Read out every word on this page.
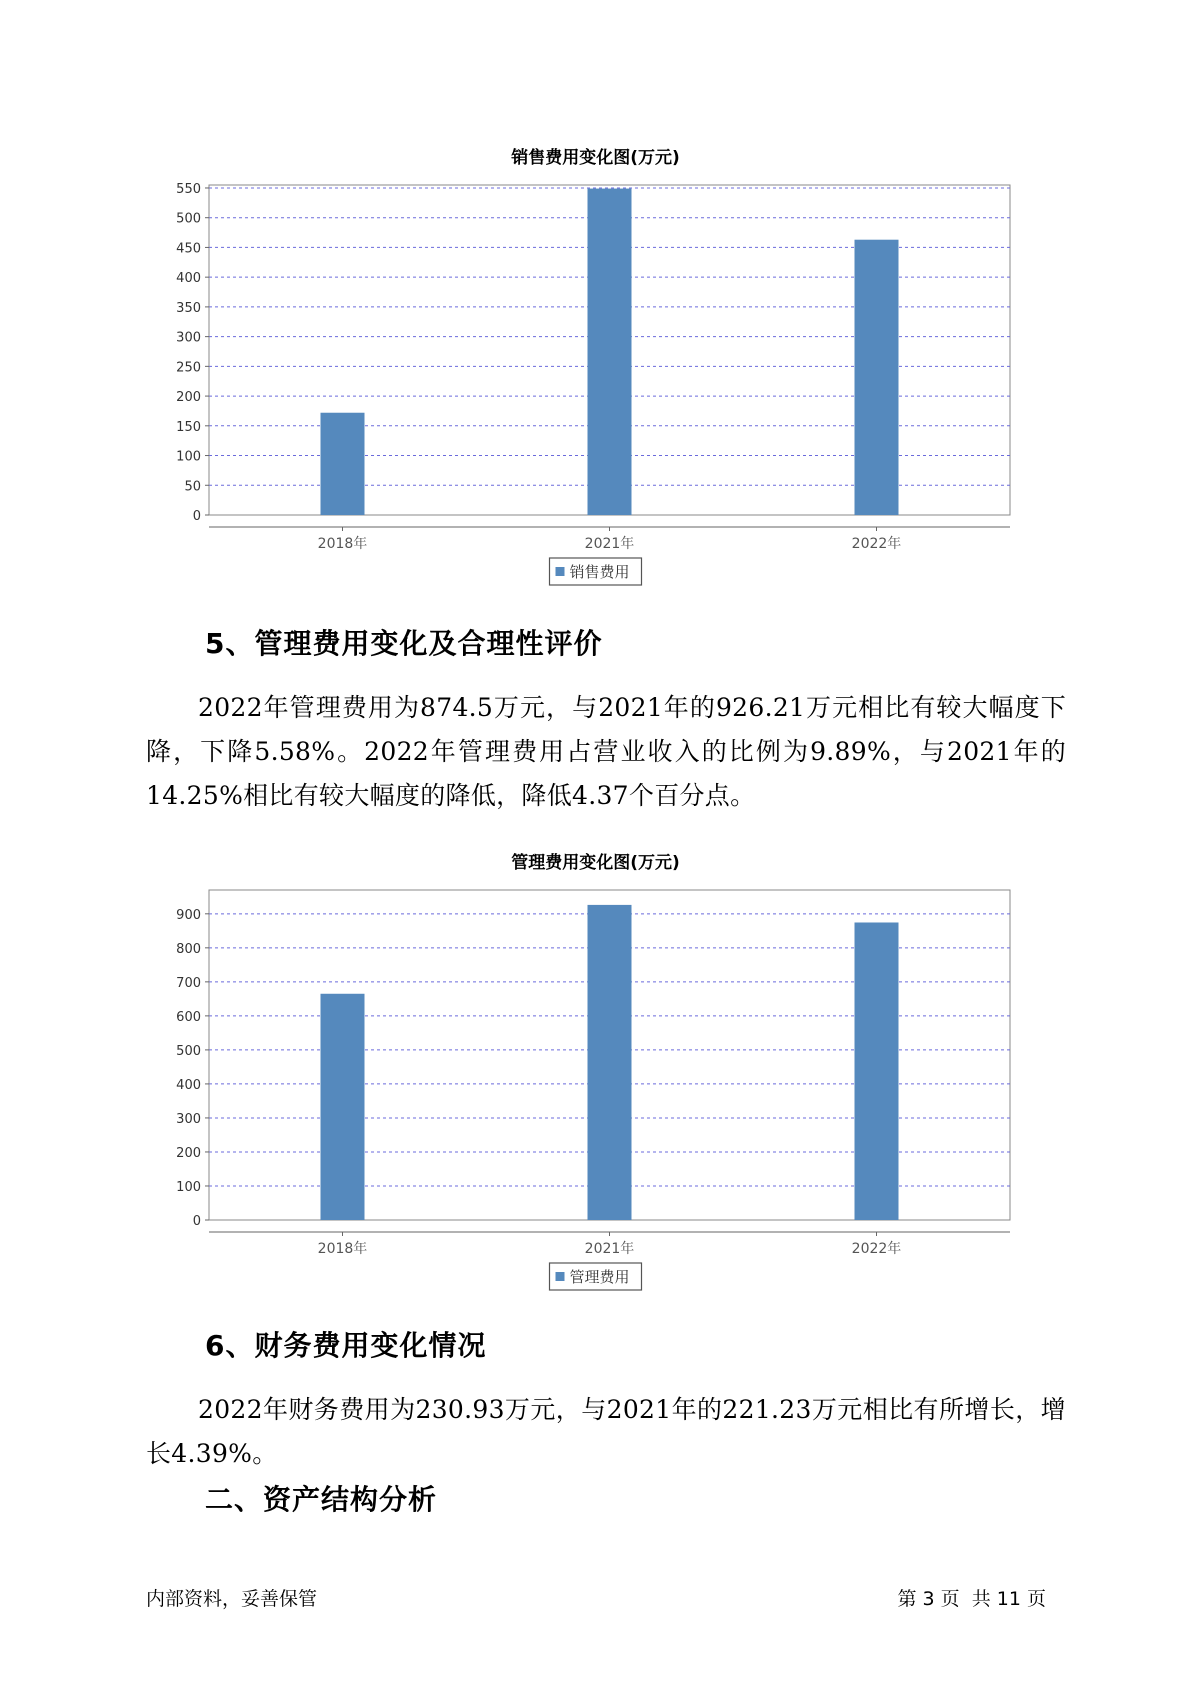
销售费用变化图(万元)
0
50
100
150
200
250
300
350
400
450
500
550
2018年	2021年	2022年
销售费用
5、管理费用变化及合理性评价

2022年管理费用为874.5万元，与2021年的926.21万元相比有较大幅度下降，下降5.58%。2022年管理费用占营业收入的比例为9.89%，与2021年的14.25%相比有较大幅度的降低，降低4.37个百分点。

管理费用变化图(万元)
0
100
200
300
400
500
600
700
800
900
2018年	2021年	2022年
管理费用
6、财务费用变化情况

2022年财务费用为230.93万元，与2021年的221.23万元相比有所增长，增长4.39%。

二、资产结构分析
内部资料，妥善保管	第 3 页  共 11 页
